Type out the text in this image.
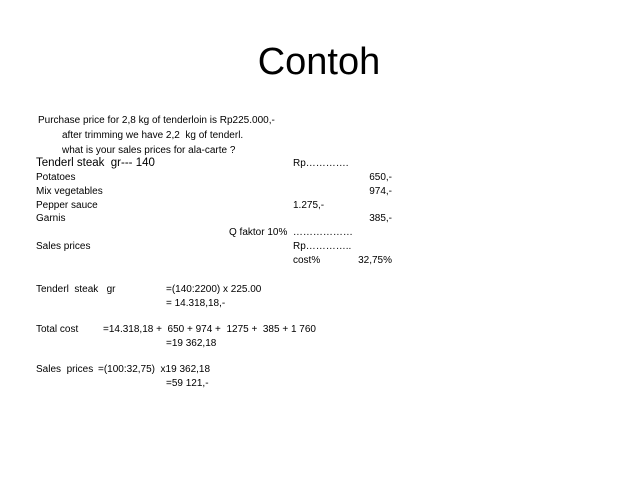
Contoh
Purchase price for 2,8 kg of tenderloin is Rp225.000,-
after trimming we have 2,2  kg of tenderl.
what is your sales prices for ala-carte ?
Tenderl steak  gr--- 140	Rp………….
Potatoes	650,-
Mix vegetables	974,-
Pepper sauce	1.275,-
Garnis	385,-
Q faktor 10%  ………………
Sales prices	Rp…………..
cost%	32,75%
Tenderl  steak   gr	=(140:2200) x 225.00
= 14.318,18,-
Total cost =14.318,18 +  650 + 974 +  1275 +  385 + 1 760
=19 362,18
Sales  prices =(100:32,75)  x19 362,18
=59 121,-
